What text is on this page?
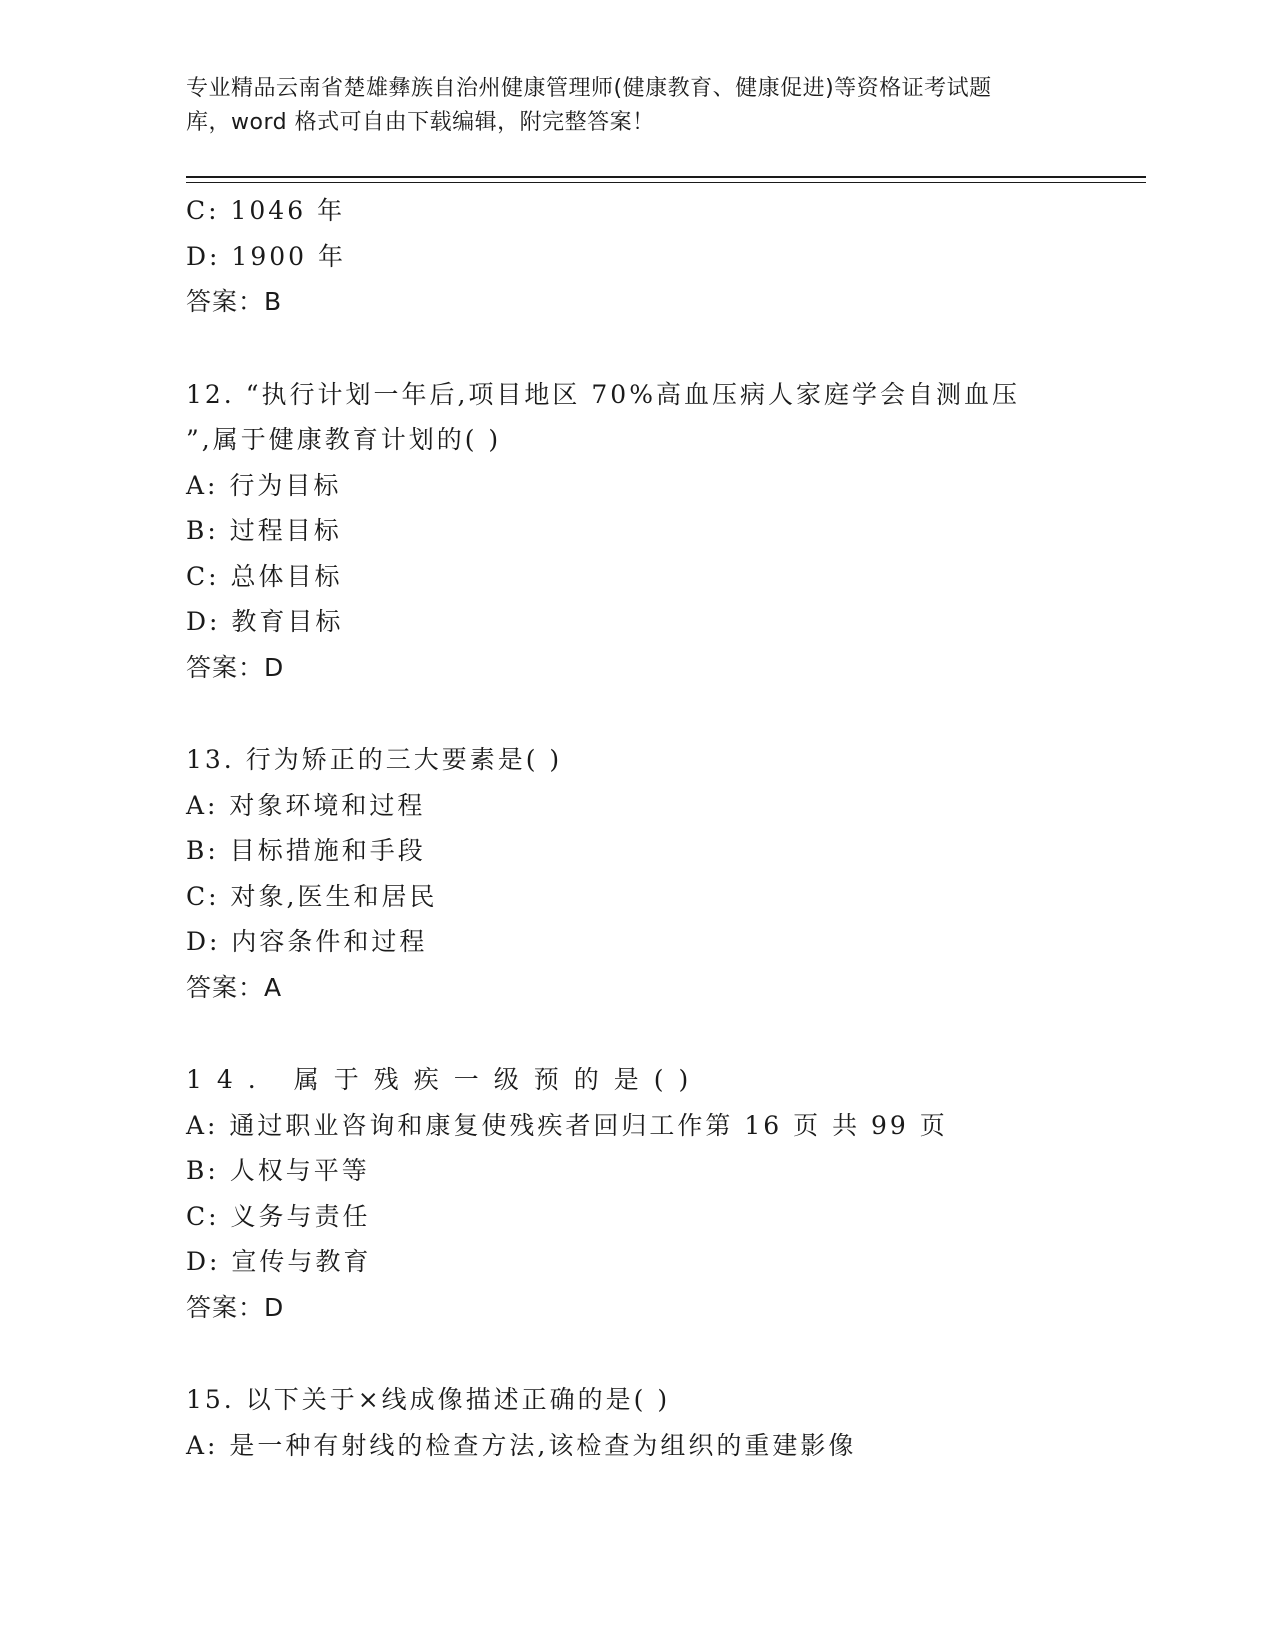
专业精品云南省楚雄彝族自治州健康管理师(健康教育、健康促进)等资格证考试题
库，word 格式可自由下载编辑，附完整答案！
C: 1046 年
D: 1900 年
答案：B
12. “执行计划一年后,项目地区 70%高血压病人家庭学会自测血压
”,属于健康教育计划的( )
A: 行为目标
B: 过程目标
C: 总体目标
D: 教育目标
答案：D
13. 行为矫正的三大要素是( )
A: 对象环境和过程
B: 目标措施和手段
C: 对象,医生和居民
D: 内容条件和过程
答案：A
14. 属于残疾一级预的是()
A: 通过职业咨询和康复使残疾者回归工作第 16 页 共 99 页
B: 人权与平等
C: 义务与责任
D: 宣传与教育
答案：D
15. 以下关于×线成像描述正确的是( )
A: 是一种有射线的检查方法,该检查为组织的重建影像
